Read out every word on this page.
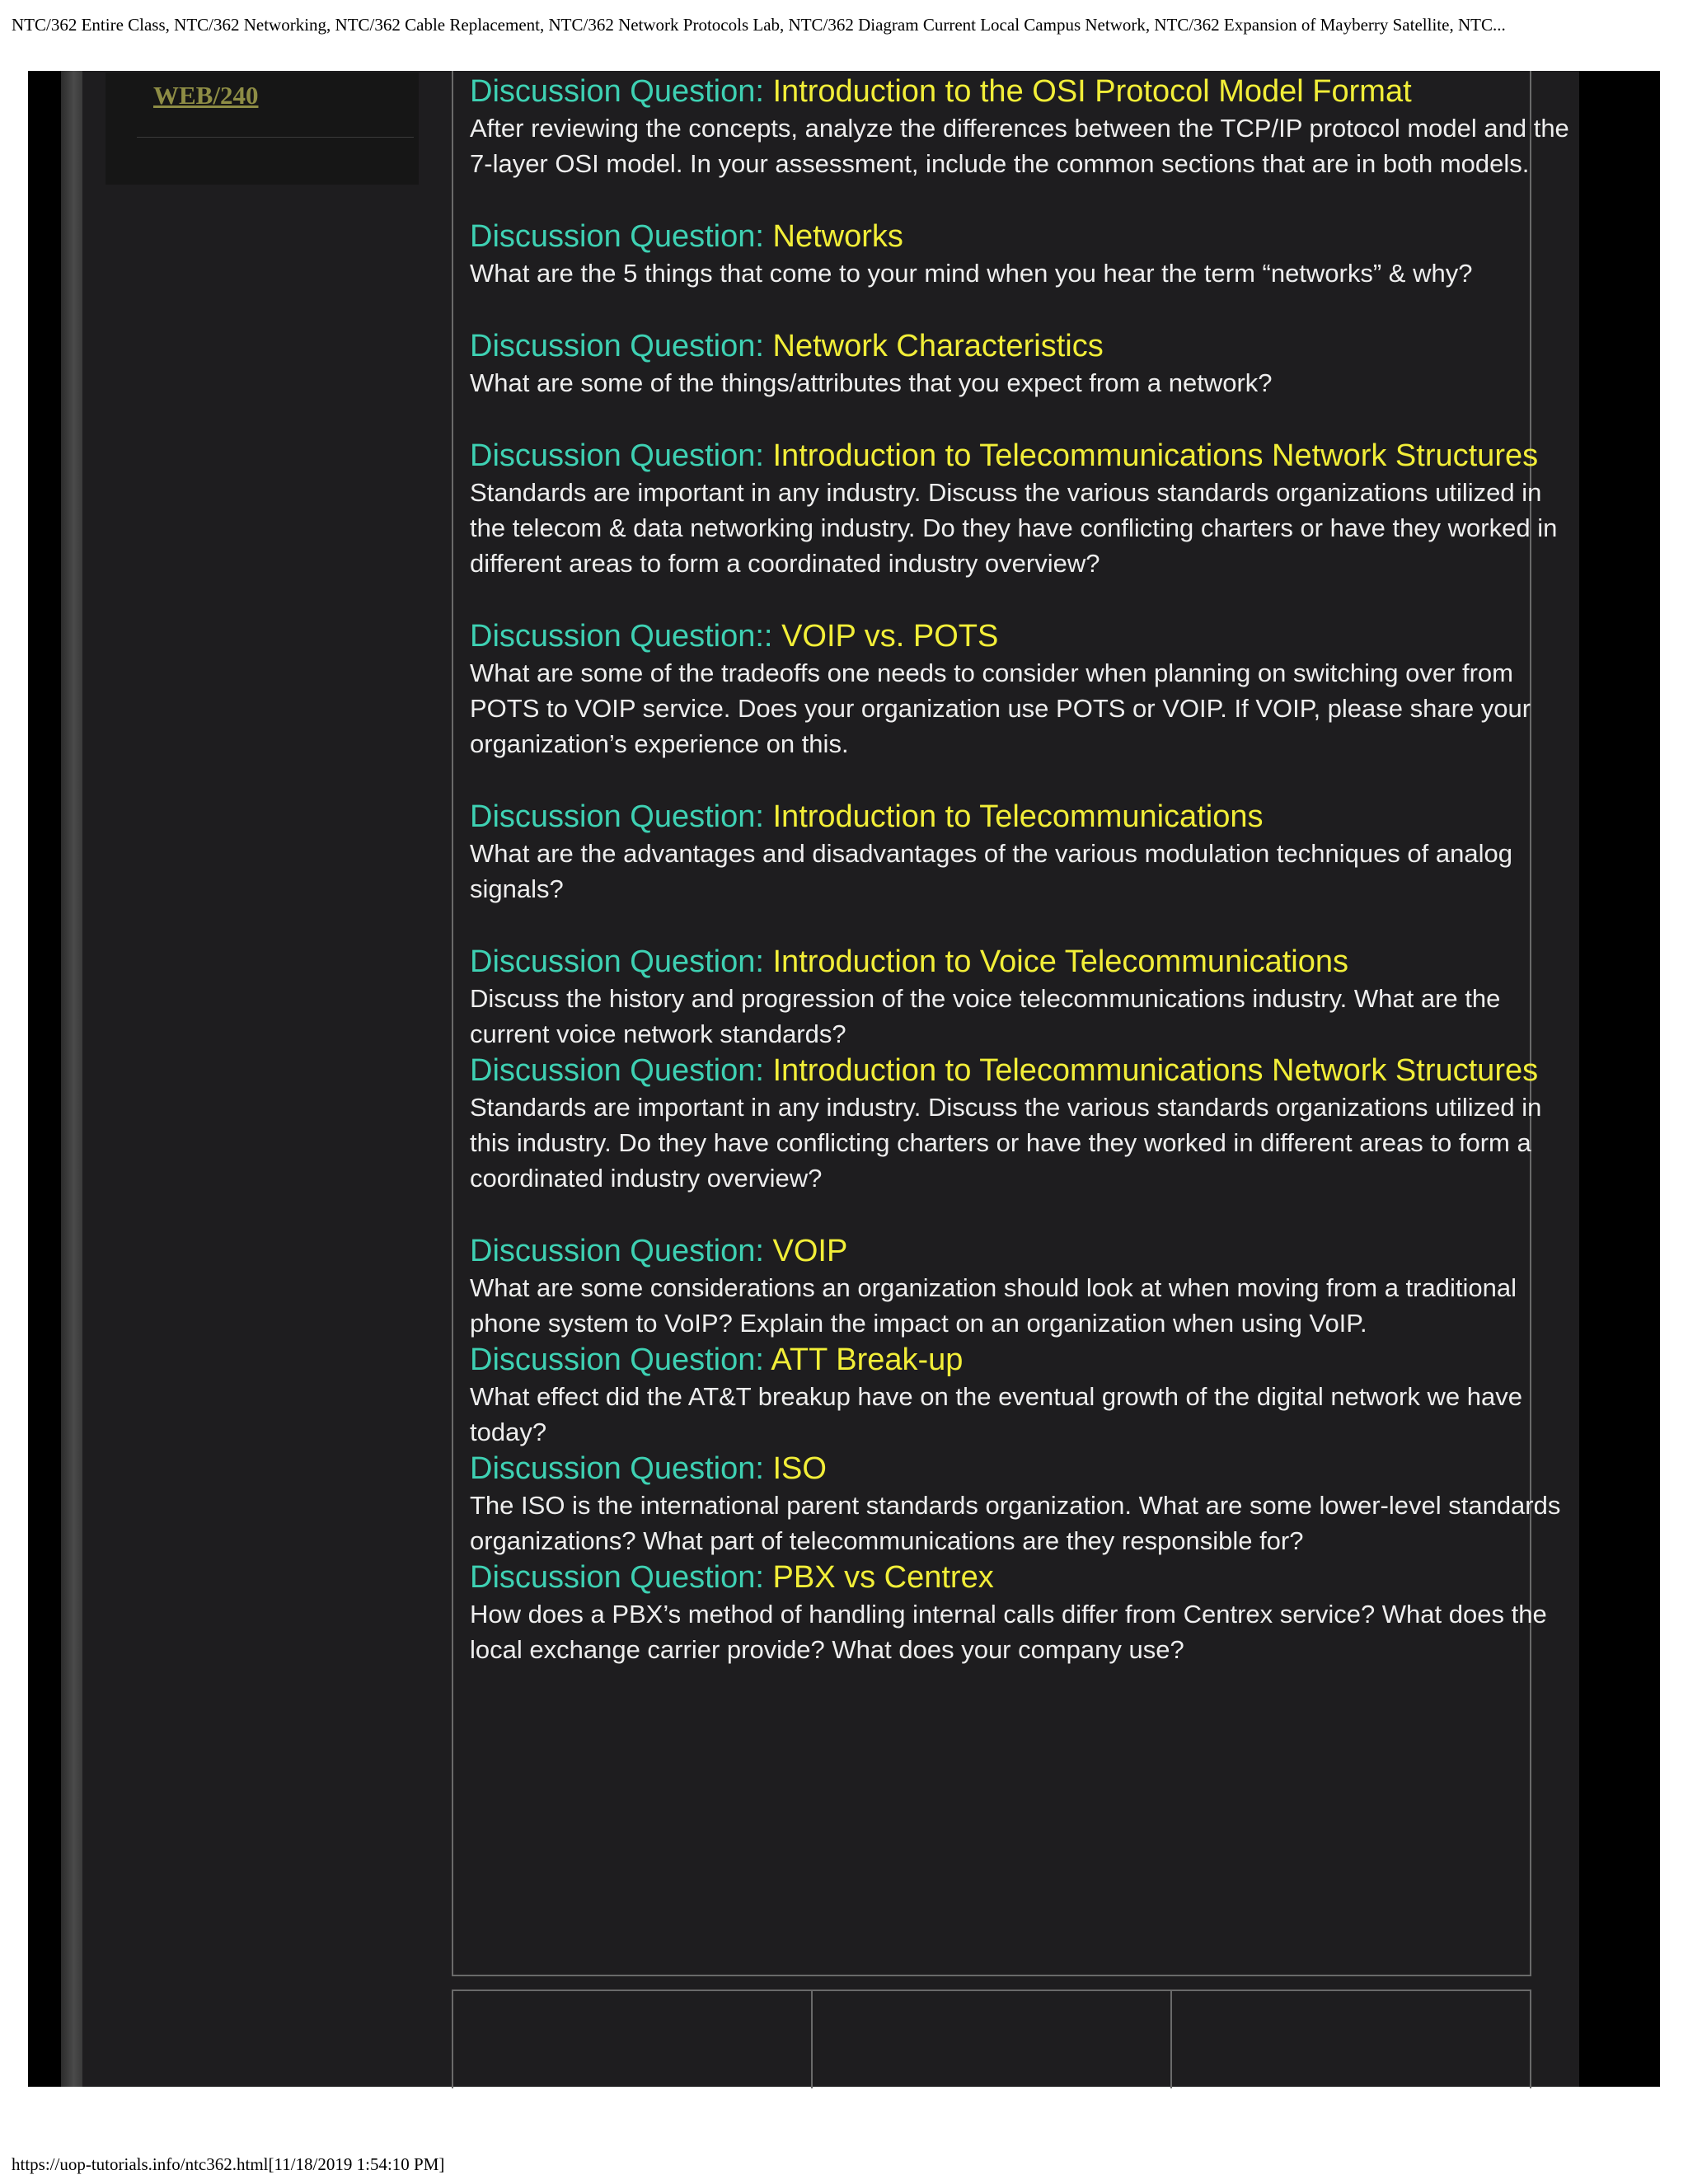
NTC/362 Entire Class, NTC/362 Networking, NTC/362 Cable Replacement, NTC/362 Network Protocols Lab, NTC/362 Diagram Current Local Campus Network, NTC/362 Expansion of Mayberry Satellite, NTC...
WEB/240	Discussion Question: Introduction to the OSI Protocol Model Format
After reviewing the concepts, analyze the differences between the TCP/IP protocol model and the 7-layer OSI model. In your assessment, include the common sections that are in both models.
Discussion Question: Networks
What are the 5 things that come to your mind when you hear the term “networks” & why?
Discussion Question: Network Characteristics
What are some of the things/attributes that you expect from a network?
Discussion Question: Introduction to Telecommunications Network Structures
Standards are important in any industry. Discuss the various standards organizations utilized in the telecom & data networking industry. Do they have conflicting charters or have they worked in different areas to form a coordinated industry overview?
Discussion Question:: VOIP vs. POTS
What are some of the tradeoffs one needs to consider when planning on switching over from POTS to VOIP service. Does your organization use POTS or VOIP. If VOIP, please share your organization’s experience on this.
Discussion Question: Introduction to Telecommunications
What are the advantages and disadvantages of the various modulation techniques of analog signals?
Discussion Question: Introduction to Voice Telecommunications
Discuss the history and progression of the voice telecommunications industry. What are the current voice network standards?
Discussion Question: Introduction to Telecommunications Network Structures
Standards are important in any industry. Discuss the various standards organizations utilized in this industry. Do they have conflicting charters or have they worked in different areas to form a coordinated industry overview?
Discussion Question: VOIP
What are some considerations an organization should look at when moving from a traditional phone system to VoIP? Explain the impact on an organization when using VoIP.
Discussion Question: ATT Break-up
What effect did the AT&T breakup have on the eventual growth of the digital network we have today?
Discussion Question: ISO
The ISO is the international parent standards organization. What are some lower-level standards organizations? What part of telecommunications are they responsible for?
Discussion Question: PBX vs Centrex
How does a PBX’s method of handling internal calls differ from Centrex service? What does the local exchange carrier provide? What does your company use?
https://uop-tutorials.info/ntc362.html[11/18/2019 1:54:10 PM]
